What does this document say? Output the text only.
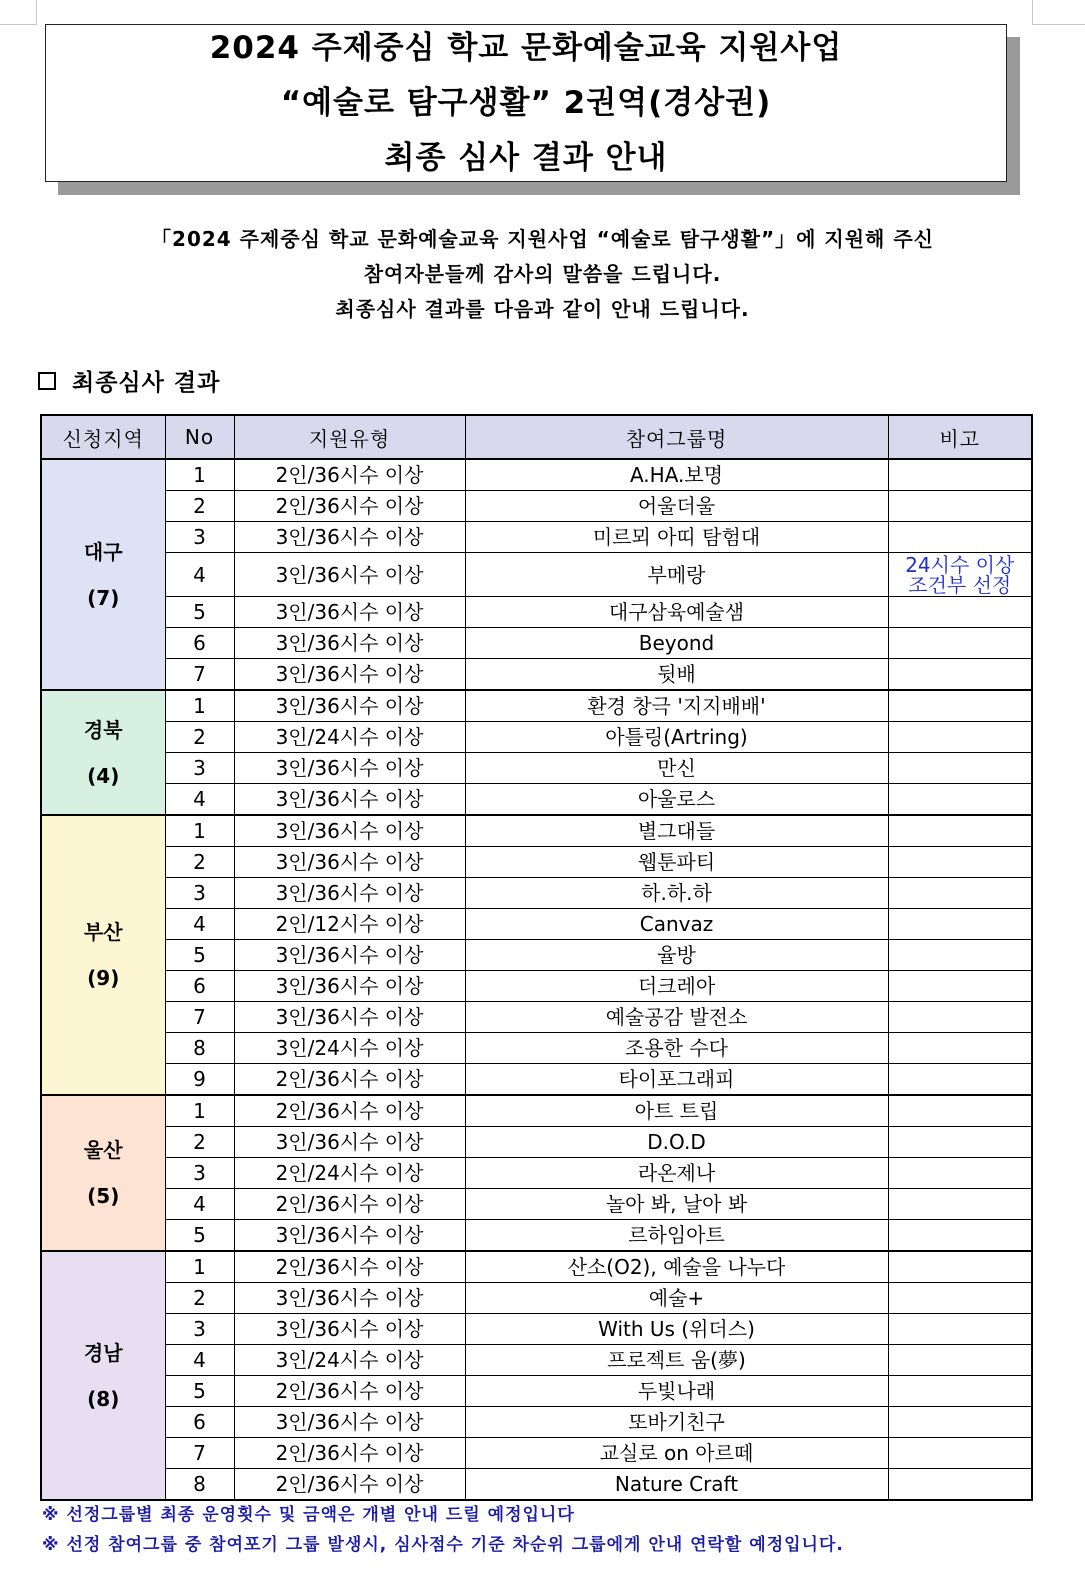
2024 주제중심 학교 문화예술교육 지원사업
“예술로 탐구생활” 2권역(경상권)
최종 심사 결과 안내
「2024 주제중심 학교 문화예술교육 지원사업 “예술로 탐구생활”」에 지원해 주신
참여자분들께 감사의 말씀을 드립니다.
최종심사 결과를 다음과 같이 안내 드립니다.
최종심사 결과
신청지역	No	지원유형	참여그룹명	비고

대구
(7)	1	2인/36시수 이상	A.HA.보명	
	2	2인/36시수 이상	어울더울	
	3	3인/36시수 이상	미르뫼 아띠 탐험대	
	4	3인/36시수 이상	부메랑	24시수 이상
조건부 선정

	5	3인/36시수 이상	대구삼육예술샘	
	6	3인/36시수 이상	Beyond	
	7	3인/36시수 이상	뒷배	

경북
(4)	1	3인/36시수 이상	환경 창극 '지지배배'	
	2	3인/24시수 이상	아틀링(Artring)	
	3	3인/36시수 이상	만신	
	4	3인/36시수 이상	아울로스	

부산
(9)	1	3인/36시수 이상	별그대들	
	2	3인/36시수 이상	웹툰파티	
	3	3인/36시수 이상	하.하.하	
	4	2인/12시수 이상	Canvaz	
	5	3인/36시수 이상	율방	
	6	3인/36시수 이상	더크레아	
	7	3인/36시수 이상	예술공감 발전소	
	8	3인/24시수 이상	조용한 수다	
	9	2인/36시수 이상	타이포그래피	

울산
(5)	1	2인/36시수 이상	아트 트립	
	2	3인/36시수 이상	D.O.D	
	3	2인/24시수 이상	라온제나	
	4	2인/36시수 이상	놀아 봐, 날아 봐	
	5	3인/36시수 이상	르하임아트	

경남
(8)	1	2인/36시수 이상	산소(O2), 예술을 나누다	
	2	3인/36시수 이상	예술+	
	3	3인/36시수 이상	With Us (위더스)	
	4	3인/24시수 이상	프로젝트 움(夢)	
	5	2인/36시수 이상	두빛나래	
	6	3인/36시수 이상	또바기친구	
	7	2인/36시수 이상	교실로 on 아르떼	
	8	2인/36시수 이상	Nature Craft	
※ 선정그룹별 최종 운영횟수 및 금액은 개별 안내 드릴 예정입니다
※ 선정 참여그룹 중 참여포기 그룹 발생시, 심사점수 기준 차순위 그룹에게 안내 연락할 예정입니다.
